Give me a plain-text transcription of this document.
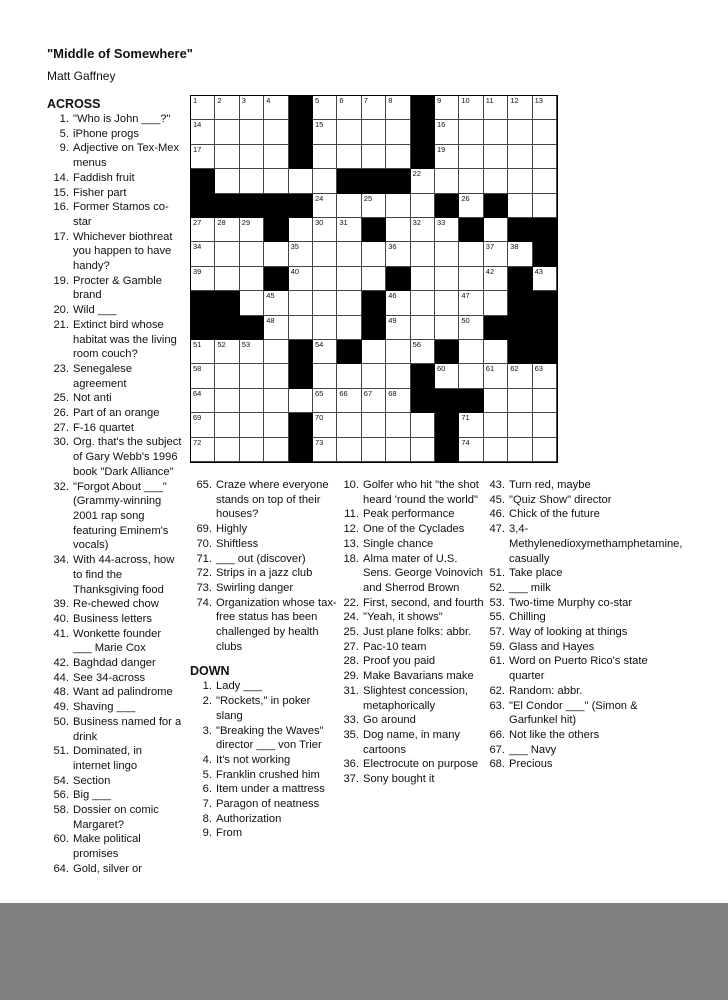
"Middle of Somewhere"
Matt Gaffney
1	2	3	4	5	6	7	8	9	10 11 12 13
14	15	16
17	19
22
24	25	26
27 28 29	30 31	32 33
34	35	36	37 38
39	40	42	43
45	46	47
48	49	50
51 52 53	54	56
58	60	61 62 63
64	65 66 67 68
69	70	71
72	73	74
ACROSS
1. "Who is John ___?"
5. iPhone progs
9. Adjective on Tex-Mex menus
14. Faddish fruit
15. Fisher part
16. Former Stamos co-star
17. Whichever biothreat you happen to have handy?
19. Procter & Gamble brand
20. Wild ___
21. Extinct bird whose habitat was the living room couch?
23. Senegalese agreement
25. Not anti
26. Part of an orange
27. F-16 quartet
30. Org. that's the subject of Gary Webb's 1996 book "Dark Alliance"
32. "Forgot About ___" (Grammy-winning 2001 rap song featuring Eminem's vocals)
34. With 44-across, how to find the Thanksgiving food
39. Re-chewed chow
40. Business letters
41. Wonkette founder ___ Marie Cox
42. Baghdad danger
44. See 34-across
48. Want ad palindrome
49. Shaving ___
50. Business named for a drink
51. Dominated, in internet lingo
54. Section
56. Big ___
58. Dossier on comic Margaret?
60. Make political promises
64. Gold, silver or
65. Craze where everyone stands on top of their houses?
69. Highly
70. Shiftless
71. ___ out (discover)
72. Strips in a jazz club
73. Swirling danger
74. Organization whose tax-free status has been challenged by health clubs
DOWN
1. Lady ___
2. "Rockets," in poker slang
3. "Breaking the Waves" director ___ von Trier
4. It's not working
5. Franklin crushed him
6. Item under a mattress
7. Paragon of neatness
8. Authorization
9. From
10. Golfer who hit "the shot heard 'round the world"
11. Peak performance
12. One of the Cyclades
13. Single chance
18. Alma mater of U.S. Sens. George Voinovich and Sherrod Brown
22. First, second, and fourth
24. "Yeah, it shows"
25. Just plane folks: abbr.
27. Pac-10 team
28. Proof you paid
29. Make Bavarians make
31. Slightest concession, metaphorically
33. Go around
35. Dog name, in many cartoons
36. Electrocute on purpose
37. Sony bought it
43. Turn red, maybe
45. "Quiz Show" director
46. Chick of the future
47. 3,4-Methylenedioxymethamphetamine, casually
51. Take place
52. ___ milk
53. Two-time Murphy co-star
55. Chilling
57. Way of looking at things
59. Glass and Hayes
61. Word on Puerto Rico's state quarter
62. Random: abbr.
63. "El Condor ___" (Simon & Garfunkel hit)
66. Not like the others
67. ___ Navy
68. Precious
